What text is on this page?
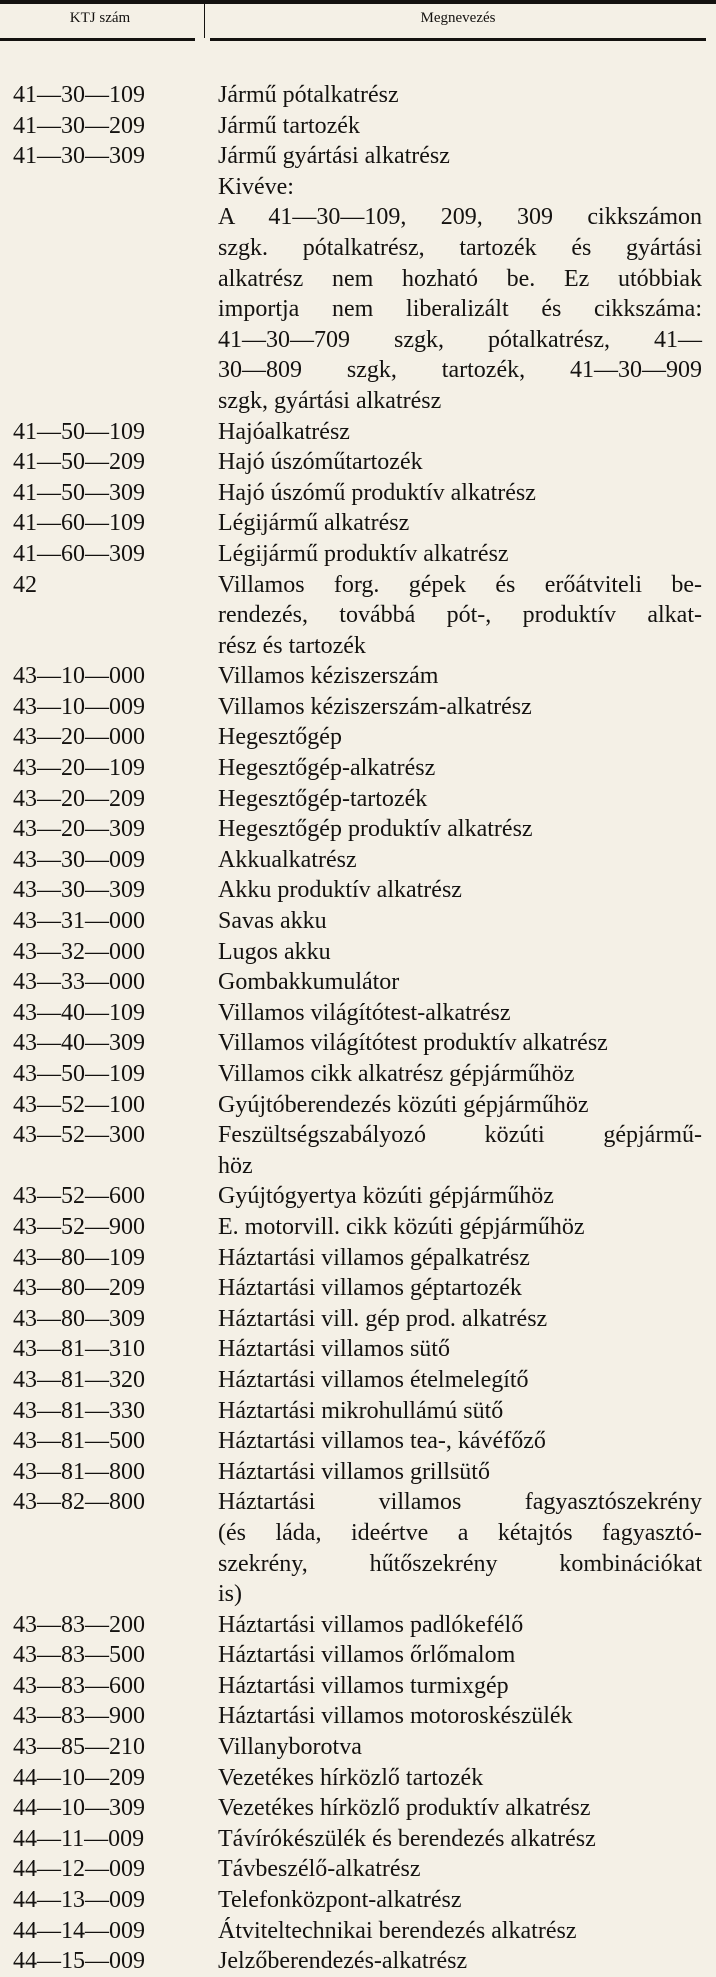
KTJ szám	Megnevezés
41—30—109	Jármű pótalkatrész
41—30—209	Jármű tartozék
41—30—309	Jármű gyártási alkatrész
Kivéve:
A 41—30—109, 209, 309 cikkszámon
szgk. pótalkatrész, tartozék és gyártási
alkatrész nem hozható be. Ez utóbbiak
importja nem liberalizált és cikkszáma:
41—30—709 szgk, pótalkatrész, 41—
30—809 szgk, tartozék, 41—30—909
szgk, gyártási alkatrész
41—50—109	Hajóalkatrész
41—50—209	Hajó úszóműtartozék
41—50—309	Hajó úszómű produktív alkatrész
41—60—109	Légijármű alkatrész
41—60—309	Légijármű produktív alkatrész
42	Villamos forg. gépek és erőátviteli be-
rendezés, továbbá pót-, produktív alkat-
rész és tartozék
43—10—000	Villamos kéziszerszám
43—10—009	Villamos kéziszerszám-alkatrész
43—20—000	Hegesztőgép
43—20—109	Hegesztőgép-alkatrész
43—20—209	Hegesztőgép-tartozék
43—20—309	Hegesztőgép produktív alkatrész
43—30—009	Akkualkatrész
43—30—309	Akku produktív alkatrész
43—31—000	Savas akku
43—32—000	Lugos akku
43—33—000	Gombakkumulátor
43—40—109	Villamos világítótest-alkatrész
43—40—309	Villamos világítótest produktív alkatrész
43—50—109	Villamos cikk alkatrész gépjárműhöz
43—52—100	Gyújtóberendezés közúti gépjárműhöz
43—52—300	Feszültségszabályozó közúti gépjármű-
höz
43—52—600	Gyújtógyertya közúti gépjárműhöz
43—52—900	E. motorvill. cikk közúti gépjárműhöz
43—80—109	Háztartási villamos gépalkatrész
43—80—209	Háztartási villamos géptartozék
43—80—309	Háztartási vill. gép prod. alkatrész
43—81—310	Háztartási villamos sütő
43—81—320	Háztartási villamos ételmelegítő
43—81—330	Háztartási mikrohullámú sütő
43—81—500	Háztartási villamos tea-, kávéfőző
43—81—800	Háztartási villamos grillsütő
43—82—800	Háztartási villamos fagyasztószekrény
(és láda, ideértve a kétajtós fagyasztó-
szekrény, hűtőszekrény kombinációkat
is)
43—83—200	Háztartási villamos padlókefélő
43—83—500	Háztartási villamos őrlőmalom
43—83—600	Háztartási villamos turmixgép
43—83—900	Háztartási villamos motoroskészülék
43—85—210	Villanyborotva
44—10—209	Vezetékes hírközlő tartozék
44—10—309	Vezetékes hírközlő produktív alkatrész
44—11—009	Távírókészülék és berendezés alkatrész
44—12—009	Távbeszélő-alkatrész
44—13—009	Telefonközpont-alkatrész
44—14—009	Átviteltechnikai berendezés alkatrész
44—15—009	Jelzőberendezés-alkatrész
